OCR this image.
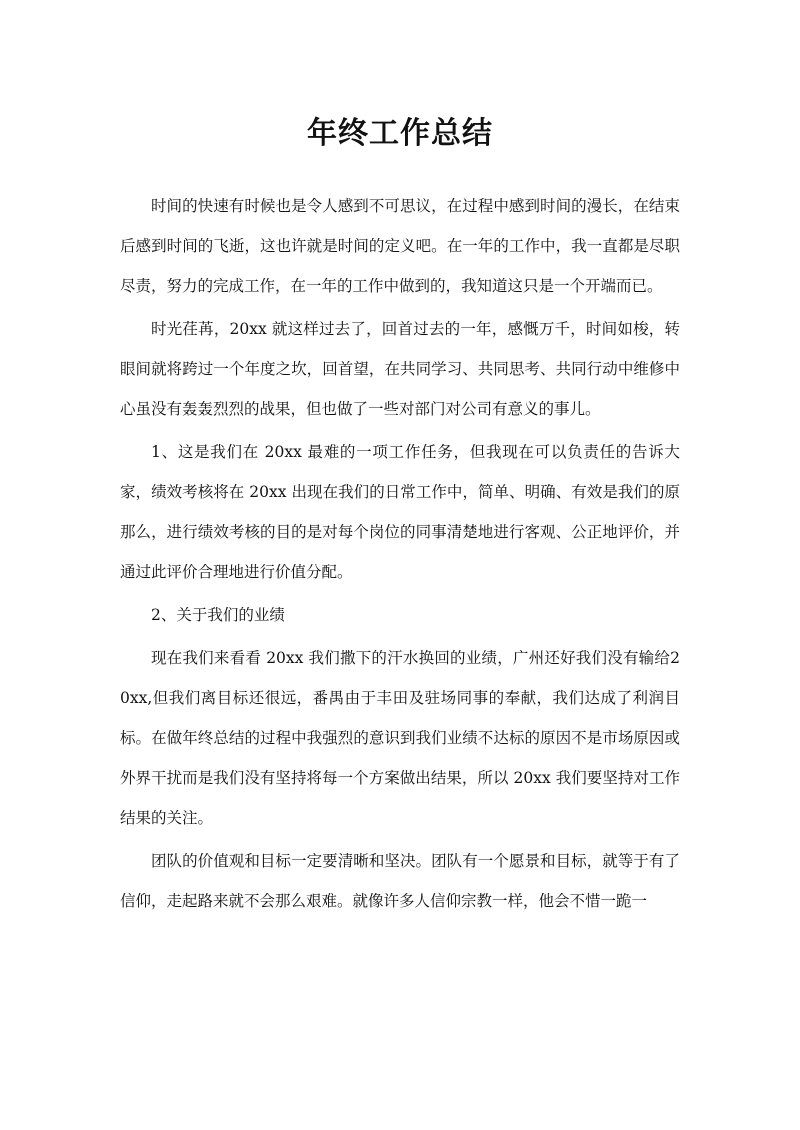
年终工作总结

时间的快速有时候也是令人感到不可思议，在过程中感到时间的漫长，在结束后感到时间的飞逝，这也许就是时间的定义吧。在一年的工作中，我一直都是尽职尽责，努力的完成工作，在一年的工作中做到的，我知道这只是一个开端而已。

时光荏苒，20xx 就这样过去了，回首过去的一年，感慨万千，时间如梭，转眼间就将跨过一个年度之坎，回首望，在共同学习、共同思考、共同行动中维修中心虽没有轰轰烈烈的战果，但也做了一些对部门对公司有意义的事儿。

1、这是我们在 20xx 最难的一项工作任务，但我现在可以负责任的告诉大家，绩效考核将在 20xx 出现在我们的日常工作中，简单、明确、有效是我们的原那么，进行绩效考核的目的是对每个岗位的同事清楚地进行客观、公正地评价，并通过此评价合理地进行价值分配。

2、关于我们的业绩

现在我们来看看 20xx 我们撒下的汗水换回的业绩，广州还好我们没有输给20xx,但我们离目标还很远，番禺由于丰田及驻场同事的奉献，我们达成了利润目标。在做年终总结的过程中我强烈的意识到我们业绩不达标的原因不是市场原因或外界干扰而是我们没有坚持将每一个方案做出结果，所以 20xx 我们要坚持对工作结果的关注。

团队的价值观和目标一定要清晰和坚决。团队有一个愿景和目标，就等于有了信仰，走起路来就不会那么艰难。就像许多人信仰宗教一样，他会不惜一跪一
